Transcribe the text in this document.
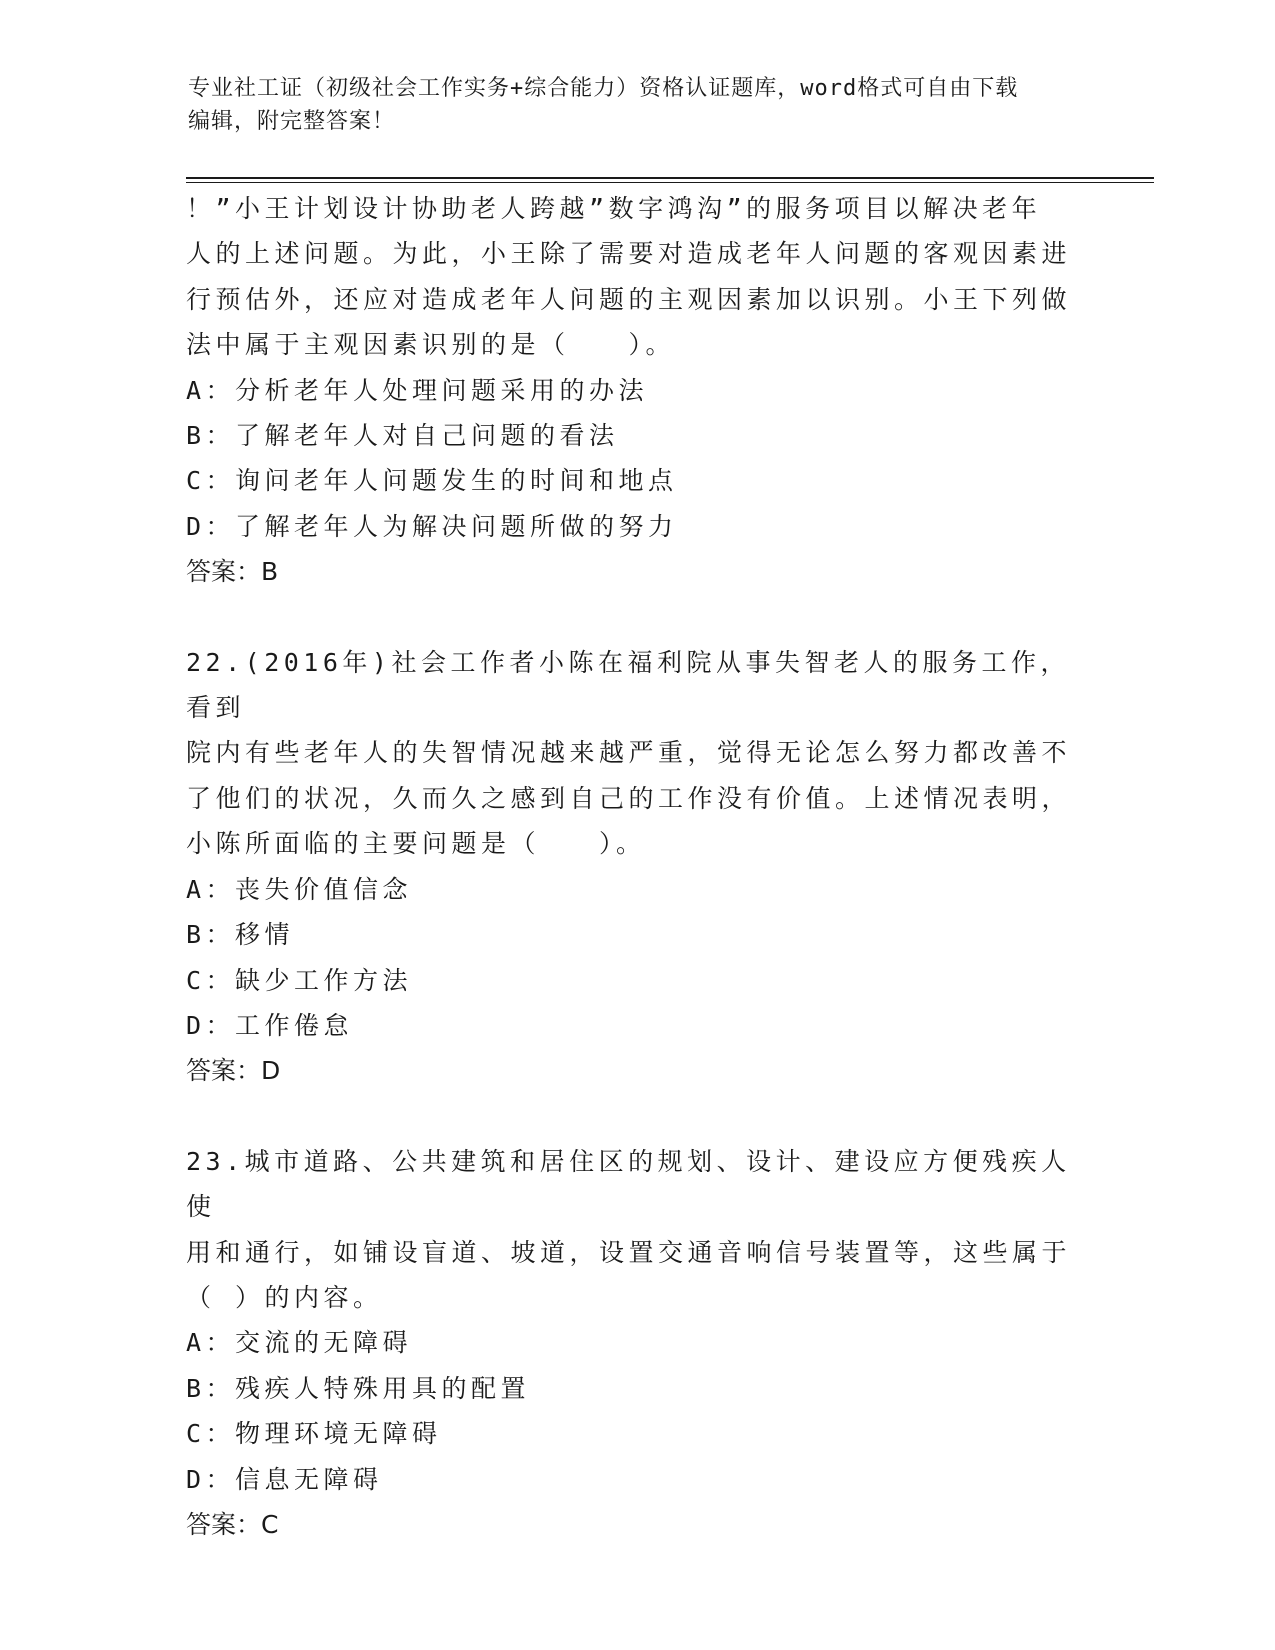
专业社工证（初级社会工作实务+综合能力）资格认证题库，word格式可自由下载
编辑，附完整答案！
！”小王计划设计协助老人跨越”数字鸿沟”的服务项目以解决老年
人的上述问题。为此，小王除了需要对造成老年人问题的客观因素进
行预估外，还应对造成老年人问题的主观因素加以识别。小王下列做
法中属于主观因素识别的是（　　）。
A：分析老年人处理问题采用的办法
B：了解老年人对自己问题的看法
C：询问老年人问题发生的时间和地点
D：了解老年人为解决问题所做的努力
答案：B
22.(2016年)社会工作者小陈在福利院从事失智老人的服务工作，看到
院内有些老年人的失智情况越来越严重，觉得无论怎么努力都改善不
了他们的状况，久而久之感到自己的工作没有价值。上述情况表明，
小陈所面临的主要问题是（　　）。
A：丧失价值信念
B：移情
C：缺少工作方法
D：工作倦怠
答案：D
23.城市道路、公共建筑和居住区的规划、设计、建设应方便残疾人使
用和通行，如铺设盲道、坡道，设置交通音响信号装置等，这些属于
（ ）的内容。
A：交流的无障碍
B：残疾人特殊用具的配置
C：物理环境无障碍
D：信息无障碍
答案：C
